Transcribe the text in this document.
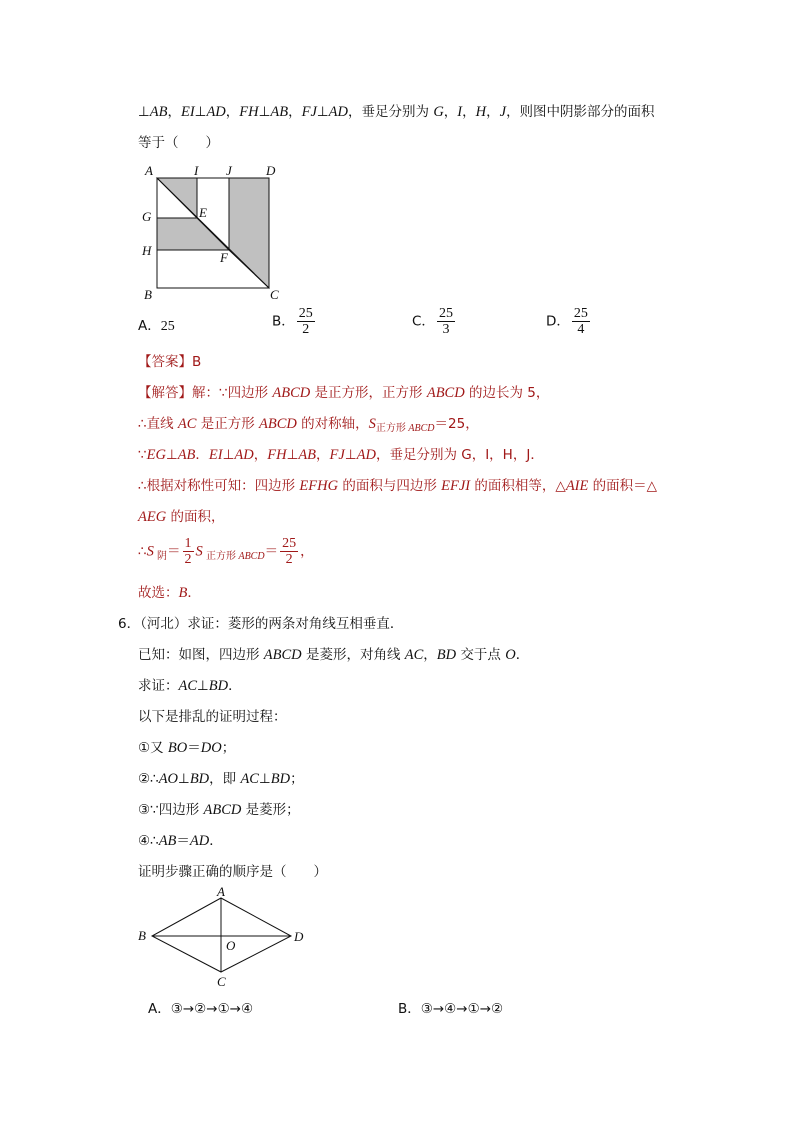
⊥AB，EI⊥AD，FH⊥AB，FJ⊥AD，垂足分别为 G，I，H，J，则图中阴影部分的面积
等于（　　）
A	I J	D
G	E
H	F
B	C
A．25	B． $\frac{25}{2}$	C． $\frac{25}{3}$	D． $\frac{25}{4}$
【答案】B
【解答】解：∵四边形 ABCD 是正方形，正方形 ABCD 的边长为 5，
∴直线 AC 是正方形 ABCD 的对称轴，$S_{正方形}$ $_{ABCD}$＝25，
∵EG⊥AB．EI⊥AD，FH⊥AB，FJ⊥AD，垂足分别为 G，I，H，J．
∴根据对称性可知：四边形 EFHG 的面积与四边形 EFJI 的面积相等，△AIE 的面积＝△
AEG 的面积，
∴S $_阴= \frac{1}{2}$ S $_{正方形}$ $_{ABCD}= \frac{25}{2}$ ，
故选：B．
6．（河北）求证：菱形的两条对角线互相垂直．
已知：如图，四边形 ABCD 是菱形，对角线 AC，BD 交于点 O．
求证：AC⊥BD．
以下是排乱的证明过程：
①又 BO＝DO；
②∴AO⊥BD，即 AC⊥BD；
③∵四边形 ABCD 是菱形；
④∴AB＝AD．
证明步骤正确的顺序是（　　）
A
B
O
D
C
A．③→②→①→④	B．③→④→①→②
